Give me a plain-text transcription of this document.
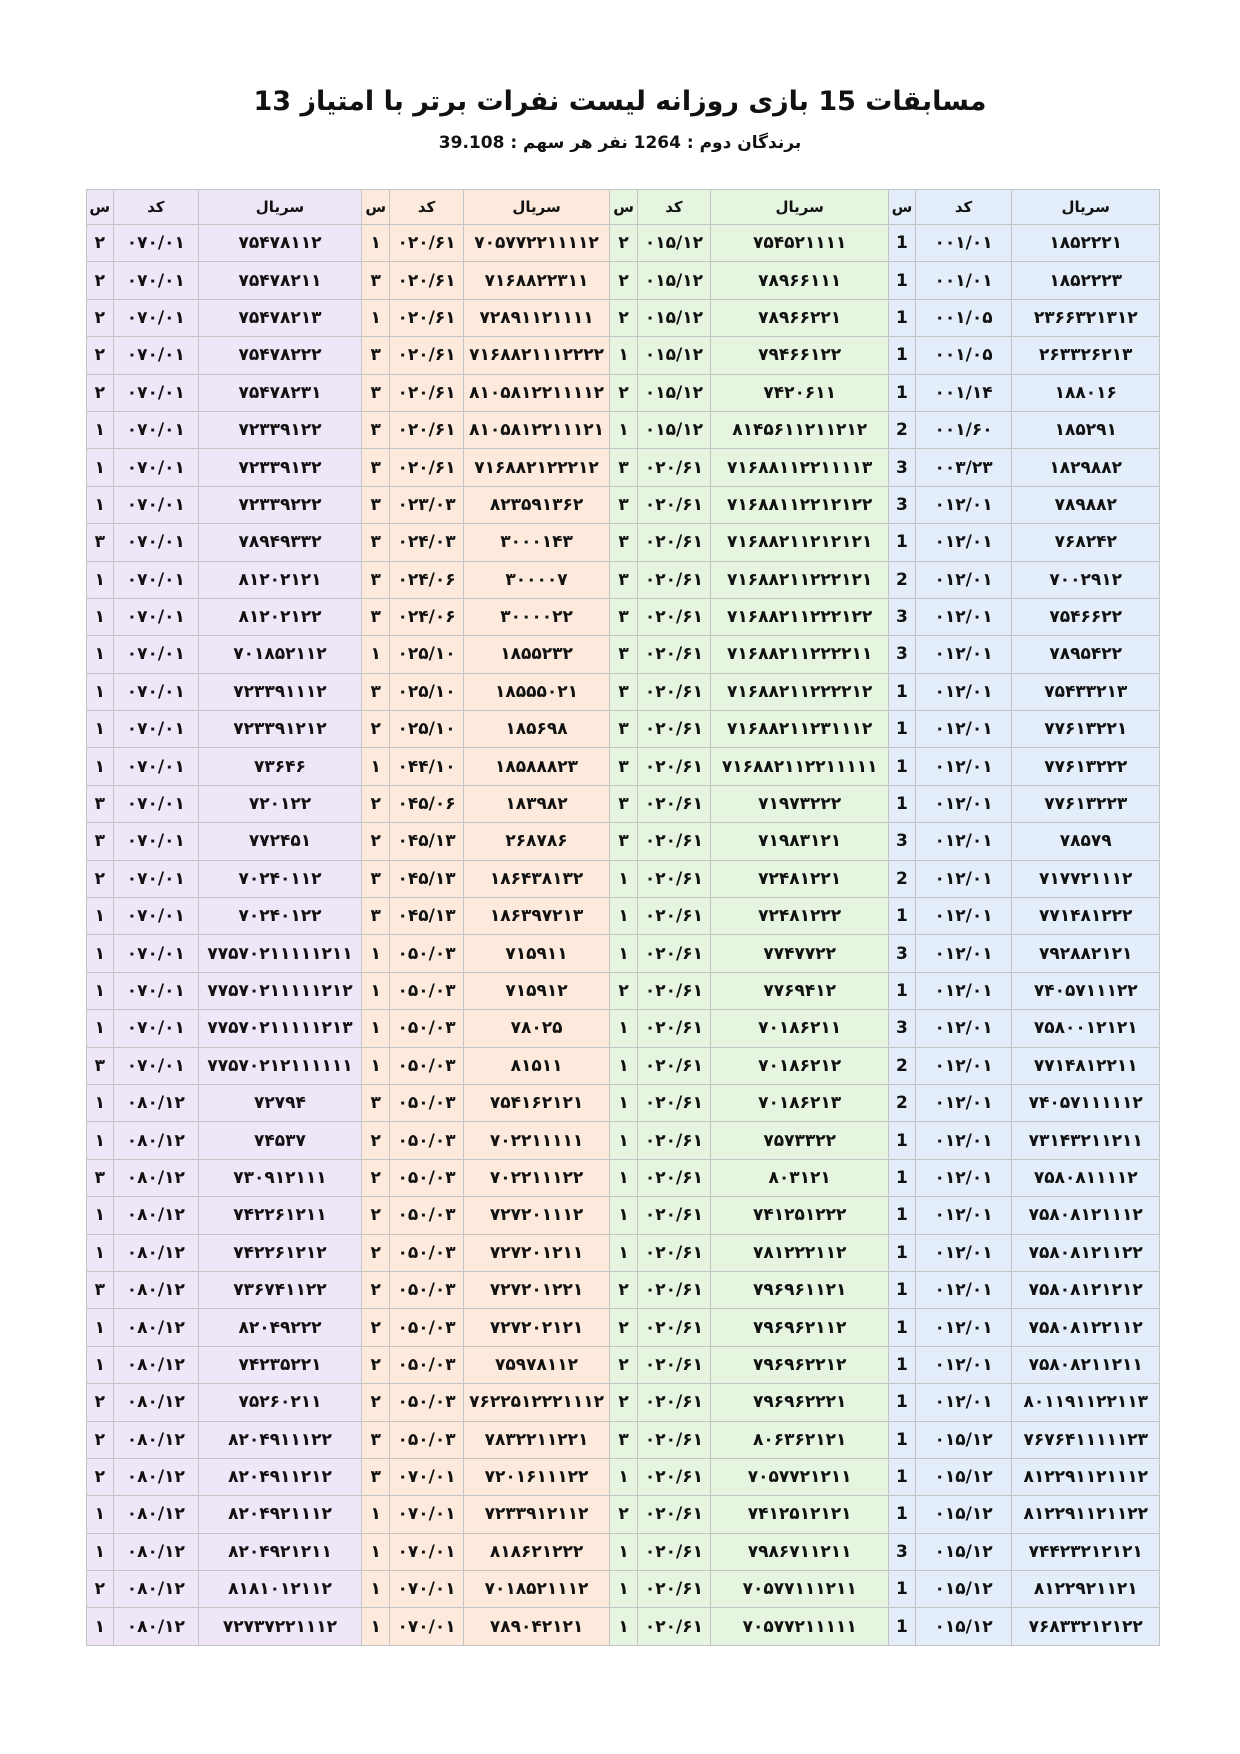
مسابقات 15 بازی روزانه لیست نفرات برتر با امتیاز 13
برندگان دوم : 1264 نفر هر سهم : 39.108
سریال	کد	س	سریال	کد	س	سریال	کد	س	سریال	کد	س
۱۸۵۲۲۲۱	۰۰۱/۰۱	1	۷۵۴۵۲۱۱۱۱	۰۱۵/۱۲	۲	۷۰۵۷۷۲۲۱۱۱۱۲	۰۲۰/۶۱	۱	۷۵۴۷۸۱۱۲	۰۷۰/۰۱	۲
۱۸۵۲۲۲۳	۰۰۱/۰۱	1	۷۸۹۶۶۱۱۱	۰۱۵/۱۲	۲	۷۱۶۸۸۲۲۳۱۱	۰۲۰/۶۱	۳	۷۵۴۷۸۲۱۱	۰۷۰/۰۱	۲
۲۳۶۶۳۲۱۳۱۲	۰۰۱/۰۵	1	۷۸۹۶۶۲۲۱	۰۱۵/۱۲	۲	۷۲۸۹۱۱۲۱۱۱۱	۰۲۰/۶۱	۱	۷۵۴۷۸۲۱۳	۰۷۰/۰۱	۲
۲۶۳۳۲۶۲۱۳	۰۰۱/۰۵	1	۷۹۴۶۶۱۲۲	۰۱۵/۱۲	۱	۷۱۶۸۸۲۱۱۱۲۲۲۲	۰۲۰/۶۱	۳	۷۵۴۷۸۲۲۲	۰۷۰/۰۱	۲
۱۸۸۰۱۶	۰۰۱/۱۴	1	۷۴۲۰۶۱۱	۰۱۵/۱۲	۲	۸۱۰۵۸۱۲۲۱۱۱۱۲	۰۲۰/۶۱	۳	۷۵۴۷۸۲۳۱	۰۷۰/۰۱	۲
۱۸۵۲۹۱	۰۰۱/۶۰	2	۸۱۴۵۶۱۱۲۱۱۲۱۲	۰۱۵/۱۲	۱	۸۱۰۵۸۱۲۲۱۱۱۲۱	۰۲۰/۶۱	۳	۷۲۳۳۹۱۲۲	۰۷۰/۰۱	۱
۱۸۲۹۸۸۲	۰۰۳/۲۳	3	۷۱۶۸۸۱۱۲۲۱۱۱۱۳	۰۲۰/۶۱	۳	۷۱۶۸۸۲۱۲۲۲۱۲	۰۲۰/۶۱	۳	۷۲۳۳۹۱۳۲	۰۷۰/۰۱	۱
۷۸۹۸۸۲	۰۱۲/۰۱	3	۷۱۶۸۸۱۱۲۲۱۲۱۲۲	۰۲۰/۶۱	۳	۸۲۳۵۹۱۳۶۲	۰۲۳/۰۳	۳	۷۲۳۳۹۲۲۲	۰۷۰/۰۱	۱
۷۶۸۲۴۲	۰۱۲/۰۱	1	۷۱۶۸۸۲۱۱۲۱۲۱۲۱	۰۲۰/۶۱	۳	۳۰۰۰۱۴۳	۰۲۴/۰۳	۳	۷۸۹۴۹۳۳۲	۰۷۰/۰۱	۳
۷۰۰۲۹۱۲	۰۱۲/۰۱	2	۷۱۶۸۸۲۱۱۲۲۲۱۲۱	۰۲۰/۶۱	۳	۳۰۰۰۰۷	۰۲۴/۰۶	۳	۸۱۲۰۲۱۲۱	۰۷۰/۰۱	۱
۷۵۴۶۶۲۲	۰۱۲/۰۱	3	۷۱۶۸۸۲۱۱۲۲۲۱۲۲	۰۲۰/۶۱	۳	۳۰۰۰۰۲۲	۰۲۴/۰۶	۳	۸۱۲۰۲۱۲۲	۰۷۰/۰۱	۱
۷۸۹۵۴۲۲	۰۱۲/۰۱	3	۷۱۶۸۸۲۱۱۲۲۲۲۱۱	۰۲۰/۶۱	۳	۱۸۵۵۲۳۲	۰۲۵/۱۰	۱	۷۰۱۸۵۲۱۱۲	۰۷۰/۰۱	۱
۷۵۴۳۳۲۱۳	۰۱۲/۰۱	1	۷۱۶۸۸۲۱۱۲۲۲۲۱۲	۰۲۰/۶۱	۳	۱۸۵۵۵۰۲۱	۰۲۵/۱۰	۳	۷۲۳۳۹۱۱۱۲	۰۷۰/۰۱	۱
۷۷۶۱۳۲۲۱	۰۱۲/۰۱	1	۷۱۶۸۸۲۱۱۲۳۱۱۱۲	۰۲۰/۶۱	۳	۱۸۵۶۹۸	۰۲۵/۱۰	۲	۷۲۳۳۹۱۲۱۲	۰۷۰/۰۱	۱
۷۷۶۱۳۲۲۲	۰۱۲/۰۱	1	۷۱۶۸۸۲۱۱۲۲۱۱۱۱۱	۰۲۰/۶۱	۳	۱۸۵۸۸۸۲۳	۰۴۴/۱۰	۱	۷۳۶۴۶	۰۷۰/۰۱	۱
۷۷۶۱۳۲۲۳	۰۱۲/۰۱	1	۷۱۹۷۳۲۲۲	۰۲۰/۶۱	۳	۱۸۳۹۸۲	۰۴۵/۰۶	۲	۷۲۰۱۲۲	۰۷۰/۰۱	۳
۷۸۵۷۹	۰۱۲/۰۱	3	۷۱۹۸۳۱۲۱	۰۲۰/۶۱	۳	۲۶۸۷۸۶	۰۴۵/۱۳	۲	۷۷۲۴۵۱	۰۷۰/۰۱	۳
۷۱۷۷۲۱۱۱۲	۰۱۲/۰۱	2	۷۲۴۸۱۲۲۱	۰۲۰/۶۱	۱	۱۸۶۴۳۸۱۳۲	۰۴۵/۱۳	۳	۷۰۲۴۰۱۱۲	۰۷۰/۰۱	۲
۷۷۱۴۸۱۲۲۲	۰۱۲/۰۱	1	۷۲۴۸۱۲۲۲	۰۲۰/۶۱	۱	۱۸۶۳۹۷۲۱۳	۰۴۵/۱۳	۳	۷۰۲۴۰۱۲۲	۰۷۰/۰۱	۱
۷۹۲۸۸۲۱۲۱	۰۱۲/۰۱	3	۷۷۴۷۷۲۲	۰۲۰/۶۱	۱	۷۱۵۹۱۱	۰۵۰/۰۳	۱	۷۷۵۷۰۲۱۱۱۱۱۲۱۱	۰۷۰/۰۱	۱
۷۴۰۵۷۱۱۱۲۲	۰۱۲/۰۱	1	۷۷۶۹۴۱۲	۰۲۰/۶۱	۲	۷۱۵۹۱۲	۰۵۰/۰۳	۱	۷۷۵۷۰۲۱۱۱۱۱۲۱۲	۰۷۰/۰۱	۱
۷۵۸۰۰۱۲۱۲۱	۰۱۲/۰۱	3	۷۰۱۸۶۲۱۱	۰۲۰/۶۱	۱	۷۸۰۲۵	۰۵۰/۰۳	۱	۷۷۵۷۰۲۱۱۱۱۱۲۱۳	۰۷۰/۰۱	۱
۷۷۱۴۸۱۲۲۱۱	۰۱۲/۰۱	2	۷۰۱۸۶۲۱۲	۰۲۰/۶۱	۱	۸۱۵۱۱	۰۵۰/۰۳	۱	۷۷۵۷۰۲۱۲۱۱۱۱۱۱	۰۷۰/۰۱	۳
۷۴۰۵۷۱۱۱۱۱۲	۰۱۲/۰۱	2	۷۰۱۸۶۲۱۳	۰۲۰/۶۱	۱	۷۵۴۱۶۲۱۲۱	۰۵۰/۰۳	۳	۷۲۷۹۴	۰۸۰/۱۲	۱
۷۳۱۴۳۲۱۱۲۱۱	۰۱۲/۰۱	1	۷۵۷۳۳۲۲	۰۲۰/۶۱	۱	۷۰۲۲۱۱۱۱۱	۰۵۰/۰۳	۲	۷۴۵۳۷	۰۸۰/۱۲	۱
۷۵۸۰۸۱۱۱۱۲	۰۱۲/۰۱	1	۸۰۳۱۲۱	۰۲۰/۶۱	۱	۷۰۲۲۱۱۱۲۲	۰۵۰/۰۳	۲	۷۳۰۹۱۲۱۱۱	۰۸۰/۱۲	۳
۷۵۸۰۸۱۲۱۱۱۲	۰۱۲/۰۱	1	۷۴۱۲۵۱۲۲۲	۰۲۰/۶۱	۱	۷۲۷۲۰۱۱۱۲	۰۵۰/۰۳	۲	۷۴۲۲۶۱۲۱۱	۰۸۰/۱۲	۱
۷۵۸۰۸۱۲۱۱۲۲	۰۱۲/۰۱	1	۷۸۱۲۲۲۱۱۲	۰۲۰/۶۱	۱	۷۲۷۲۰۱۲۱۱	۰۵۰/۰۳	۲	۷۴۲۲۶۱۲۱۲	۰۸۰/۱۲	۱
۷۵۸۰۸۱۲۱۲۱۲	۰۱۲/۰۱	1	۷۹۶۹۶۱۱۲۱	۰۲۰/۶۱	۲	۷۲۷۲۰۱۲۲۱	۰۵۰/۰۳	۲	۷۳۶۷۴۱۱۲۲	۰۸۰/۱۲	۳
۷۵۸۰۸۱۲۲۱۱۲	۰۱۲/۰۱	1	۷۹۶۹۶۲۱۱۲	۰۲۰/۶۱	۲	۷۲۷۲۰۲۱۲۱	۰۵۰/۰۳	۲	۸۲۰۴۹۲۲۲	۰۸۰/۱۲	۱
۷۵۸۰۸۲۱۱۲۱۱	۰۱۲/۰۱	1	۷۹۶۹۶۲۲۱۲	۰۲۰/۶۱	۲	۷۵۹۷۸۱۱۲	۰۵۰/۰۳	۲	۷۴۲۳۵۲۲۱	۰۸۰/۱۲	۱
۸۰۱۱۹۱۱۲۲۱۱۳	۰۱۲/۰۱	1	۷۹۶۹۶۲۲۲۱	۰۲۰/۶۱	۲	۷۶۲۲۵۱۲۲۲۱۱۱۲	۰۵۰/۰۳	۲	۷۵۲۶۰۲۱۱	۰۸۰/۱۲	۲
۷۶۷۶۴۱۱۱۱۱۲۳	۰۱۵/۱۲	1	۸۰۶۳۶۲۱۲۱	۰۲۰/۶۱	۳	۷۸۳۲۲۱۱۲۲۱	۰۵۰/۰۳	۳	۸۲۰۴۹۱۱۱۲۲	۰۸۰/۱۲	۲
۸۱۲۲۹۱۱۲۱۱۱۲	۰۱۵/۱۲	1	۷۰۵۷۷۲۱۲۱۱	۰۲۰/۶۱	۱	۷۲۰۱۶۱۱۱۲۲	۰۷۰/۰۱	۳	۸۲۰۴۹۱۱۲۱۲	۰۸۰/۱۲	۲
۸۱۲۲۹۱۱۲۱۱۲۲	۰۱۵/۱۲	1	۷۴۱۲۵۱۲۱۲۱	۰۲۰/۶۱	۲	۷۲۳۳۹۱۲۱۱۲	۰۷۰/۰۱	۱	۸۲۰۴۹۲۱۱۱۲	۰۸۰/۱۲	۱
۷۴۴۲۳۲۱۲۱۲۱	۰۱۵/۱۲	3	۷۹۸۶۷۱۱۲۱۱	۰۲۰/۶۱	۱	۸۱۸۶۲۱۲۲۲	۰۷۰/۰۱	۱	۸۲۰۴۹۲۱۲۱۱	۰۸۰/۱۲	۱
۸۱۲۲۹۲۱۱۲۱	۰۱۵/۱۲	1	۷۰۵۷۷۱۱۱۲۱۱	۰۲۰/۶۱	۱	۷۰۱۸۵۲۱۱۱۲	۰۷۰/۰۱	۱	۸۱۸۱۰۱۲۱۱۲	۰۸۰/۱۲	۲
۷۶۸۳۳۲۱۲۱۲۲	۰۱۵/۱۲	1	۷۰۵۷۷۲۱۱۱۱۱	۰۲۰/۶۱	۱	۷۸۹۰۴۲۱۲۱	۰۷۰/۰۱	۱	۷۲۷۳۷۲۲۱۱۱۲	۰۸۰/۱۲	۱
